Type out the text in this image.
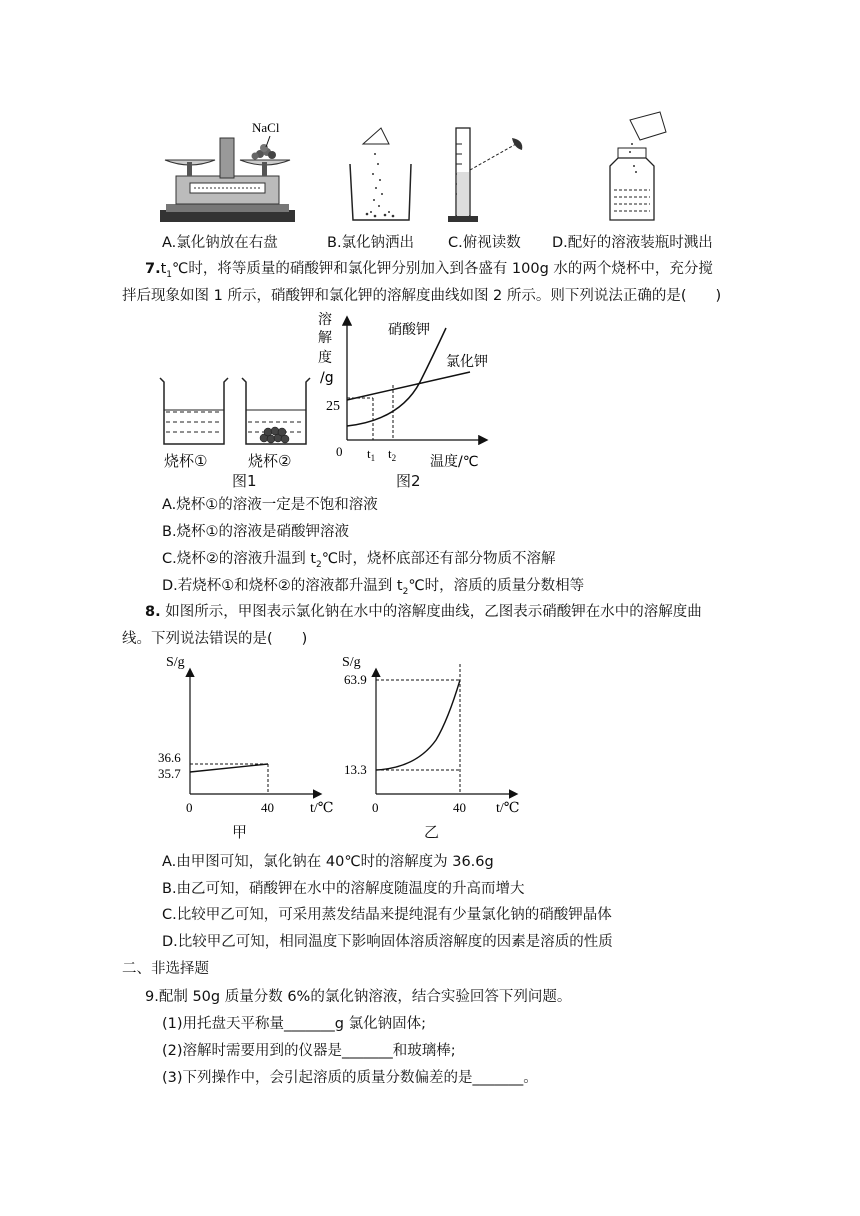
NaCl
A.氯化钠放在右盘	B.氯化钠洒出 C.俯视读数 D.配好的溶液装瓶时溅出
$7.t_1℃$时，将等质量的硝酸钾和氯化钾分别加入到各盛有 100g 水的两个烧杯中，充分搅
拌后现象如图 1 所示，硝酸钾和氯化钾的溶解度曲线如图 2 所示。则下列说法正确的是(　　)
烧杯①	烧杯②
图1	图2
溶
解
度
/g
25
0 $t_1$ $t_2$ 温度/℃
硝酸钾
氯化钾
A.烧杯①的溶液一定是不饱和溶液
B.烧杯①的溶液是硝酸钾溶液
C.烧杯②的溶液升温到 $t_2℃$时，烧杯底部还有部分物质不溶解
D.若烧杯①和烧杯②的溶液都升温到 $t_2℃$时，溶质的质量分数相等
8. 如图所示，甲图表示氯化钠在水中的溶解度曲线，乙图表示硝酸钾在水中的溶解度曲
线。下列说法错误的是(　　)
S/g
36.6
35.7
0	40	t/℃
甲
S/g
63.9
13.3
0	40 t/℃
乙
A.由甲图可知，氯化钠在 40℃时的溶解度为 36.6g
B.由乙可知，硝酸钾在水中的溶解度随温度的升高而增大
C.比较甲乙可知，可采用蒸发结晶来提纯混有少量氯化钠的硝酸钾晶体
D.比较甲乙可知，相同温度下影响固体溶质溶解度的因素是溶质的性质
二、非选择题
9.配制 50g 质量分数 6%的氯化钠溶液，结合实验回答下列问题。
(1)用托盘天平称量_______g 氯化钠固体;
(2)溶解时需要用到的仪器是_______和玻璃棒;
(3)下列操作中，会引起溶质的质量分数偏差的是_______。
